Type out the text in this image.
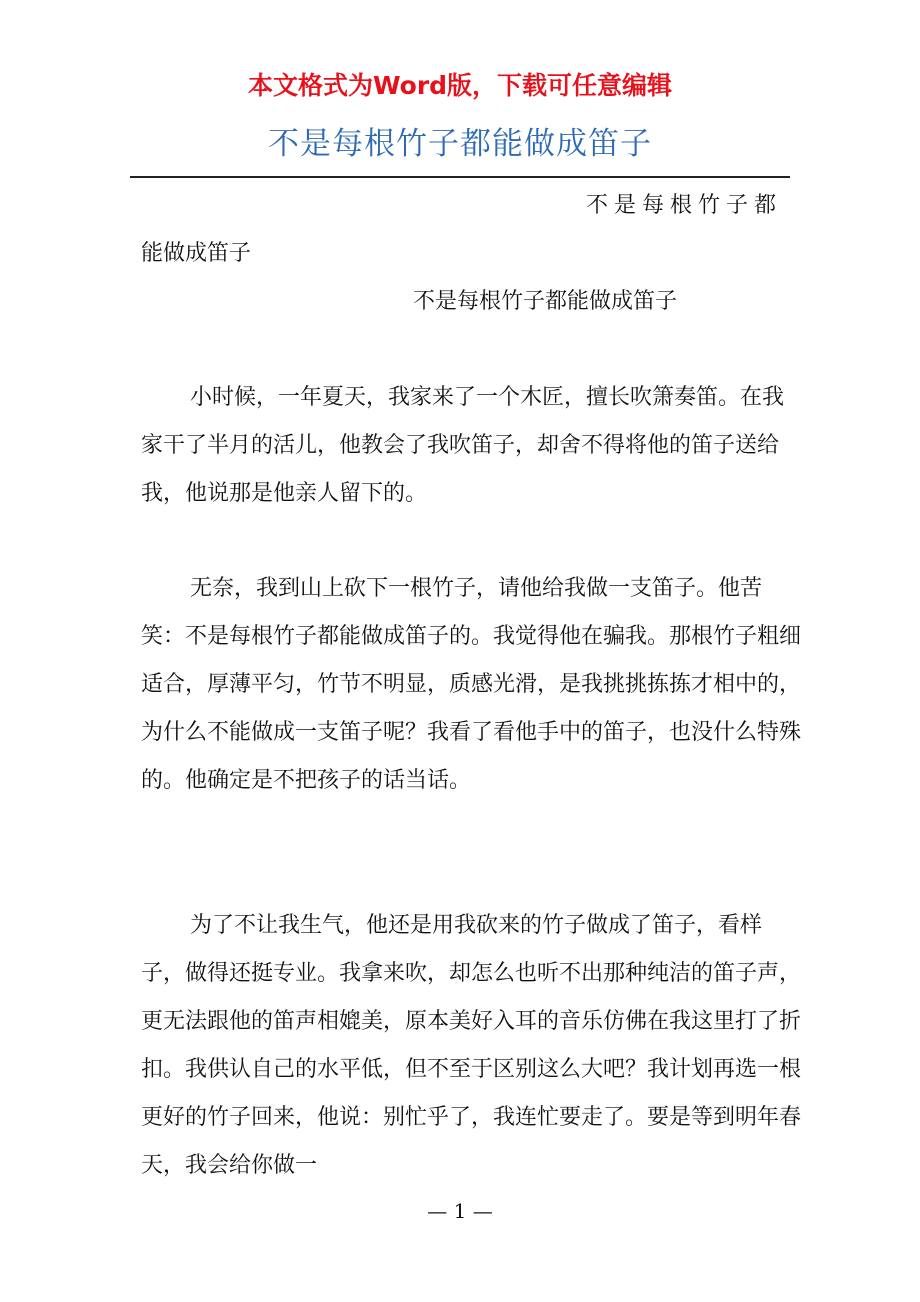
本文格式为Word版，下载可任意编辑
不是每根竹子都能做成笛子
不是每根竹子都
能做成笛子
不是每根竹子都能做成笛子

小时候，一年夏天，我家来了一个木匠，擅长吹箫奏笛。在我家干了半月的活儿，他教会了我吹笛子，却舍不得将他的笛子送给我，他说那是他亲人留下的。

无奈，我到山上砍下一根竹子，请他给我做一支笛子。他苦笑：不是每根竹子都能做成笛子的。我觉得他在骗我。那根竹子粗细适合，厚薄平匀，竹节不明显，质感光滑，是我挑挑拣拣才相中的，为什么不能做成一支笛子呢？我看了看他手中的笛子，也没什么特殊的。他确定是不把孩子的话当话。

为了不让我生气，他还是用我砍来的竹子做成了笛子，看样子，做得还挺专业。我拿来吹，却怎么也听不出那种纯洁的笛子声，更无法跟他的笛声相媲美，原本美好入耳的音乐仿佛在我这里打了折扣。我供认自己的水平低，但不至于区别这么大吧？我计划再选一根更好的竹子回来，他说：别忙乎了，我连忙要走了。要是等到明年春天，我会给你做一

— 1 —
